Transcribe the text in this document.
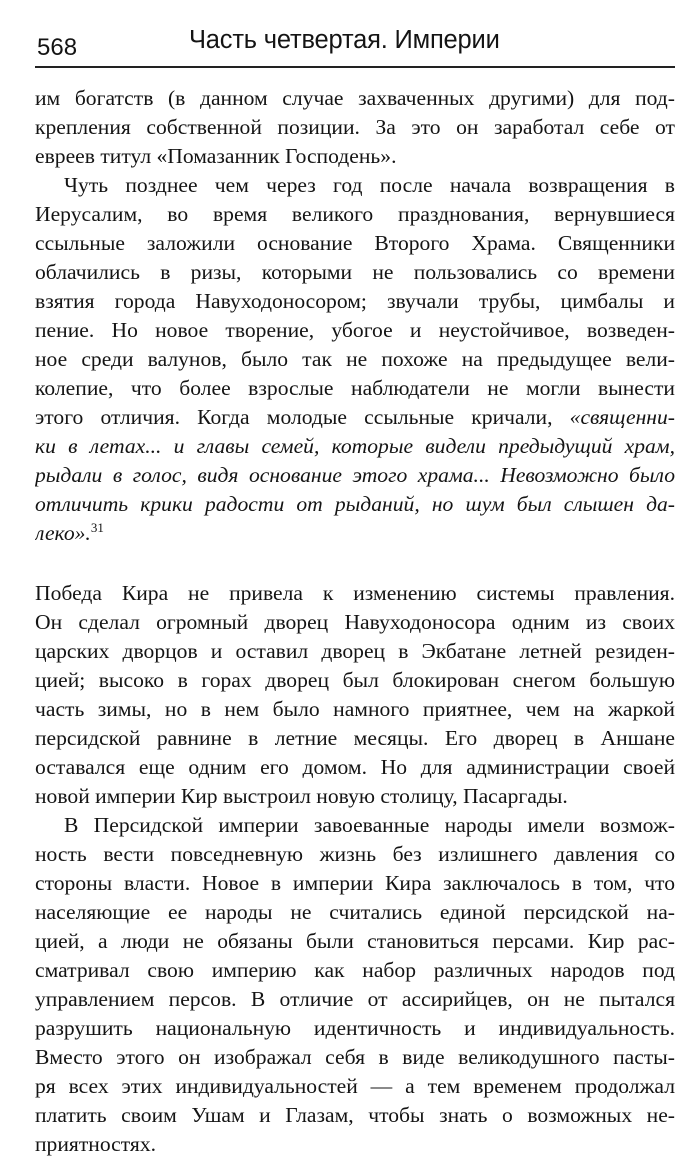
568	Часть четвертая. Империи
им богатств (в данном случае захваченных другими) для под-
крепления собственной позиции. За это он заработал себе от
евреев титул «Помазанник Господень».
Чуть позднее чем через год после начала возвращения в
Иерусалим, во время великого празднования, вернувшиеся
ссыльные заложили основание Второго Храма. Священники
облачились в ризы, которыми не пользовались со времени
взятия города Навуходоносором; звучали трубы, цимбалы и
пение. Но новое творение, убогое и неустойчивое, возведен-
ное среди валунов, было так не похоже на предыдущее вели-
колепие, что более взрослые наблюдатели не могли вынести
этого отличия. Когда молодые ссыльные кричали, «священни-
ки в летах... и главы семей, которые видели предыдущий храм,
рыдали в голос, видя основание этого храма... Невозможно было
отличить крики радости от рыданий, но шум был слышен да-
леко».$^{31}$
Победа Кира не привела к изменению системы правления.
Он сделал огромный дворец Навуходоносора одним из своих
царских дворцов и оставил дворец в Экбатане летней резиден-
цией; высоко в горах дворец был блокирован снегом большую
часть зимы, но в нем было намного приятнее, чем на жаркой
персидской равнине в летние месяцы. Его дворец в Аншане
оставался еще одним его домом. Но для администрации своей
новой империи Кир выстроил новую столицу, Пасаргады.
В Персидской империи завоеванные народы имели возмож-
ность вести повседневную жизнь без излишнего давления со
стороны власти. Новое в империи Кира заключалось в том, что
населяющие ее народы не считались единой персидской на-
цией, а люди не обязаны были становиться персами. Кир рас-
сматривал свою империю как набор различных народов под
управлением персов. В отличие от ассирийцев, он не пытался
разрушить национальную идентичность и индивидуальность.
Вместо этого он изображал себя в виде великодушного пасты-
ря всех этих индивидуальностей — а тем временем продолжал
платить своим Ушам и Глазам, чтобы знать о возможных не-
приятностях.
